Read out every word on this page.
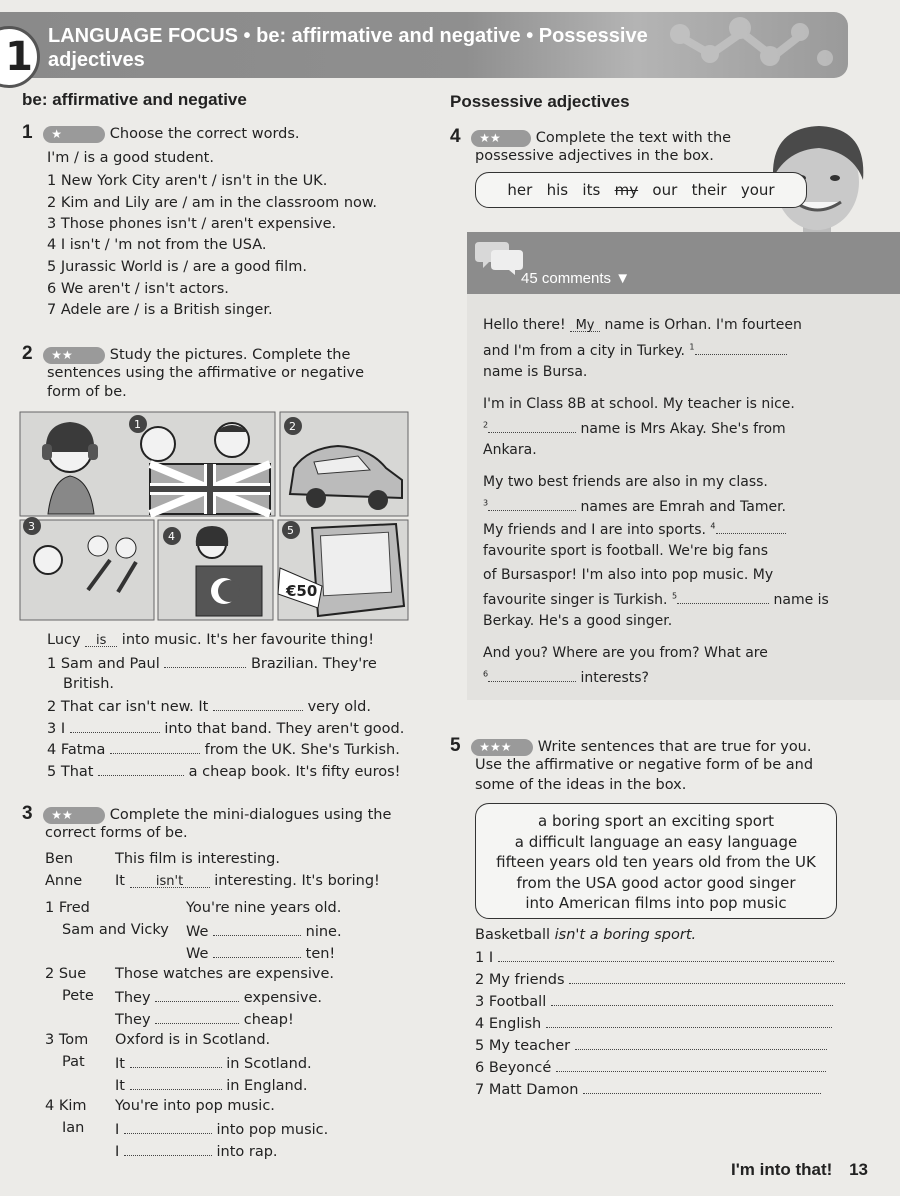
1 LANGUAGE FOCUS • be: affirmative and negative • Possessive adjectives
be: affirmative and negative
1 ★	Choose the correct words.
I'm / is a good student.
1 New York City aren't / isn't in the UK.
2 Kim and Lily are / am in the classroom now.
3 Those phones isn't / aren't expensive.
4 I isn't / 'm not from the USA.
5 Jurassic World is / are a good film.
6 We aren't / isn't actors.
7 Adele are / is a British singer.
2 ★★	Study the pictures. Complete the
sentences using the affirmative or negative
form of be.
1	2
3
4
€50
5
Lucy is into music. It's her favourite thing!
1 Sam and Paul	Brazilian. They're
British.
2 That car isn't new. It	very old.
3 I	into that band. They aren't good.
4 Fatma	from the UK. She's Turkish.
5 That	a cheap book. It's fifty euros!
3 ★★	Complete the mini-dialogues using the
correct forms of be.
Ben	This film is interesting.
Anne It isn't interesting. It's boring!
1 Fred	You're nine years old.
Sam and Vicky We	nine.
We	ten!
2 Sue Those watches are expensive.
Pete They	expensive.
They	cheap!
3 Tom Oxford is in Scotland.
Pat It	in Scotland.
It	in England.
4 Kim You're into pop music.
Ian I	into pop music.
I	into rap.
Possessive adjectives
4 ★★ Complete the text with the
possessive adjectives in the box.
her his its my our their your
45 comments ▼
Hello there! My name is Orhan. I'm fourteen
and I'm from a city in Turkey. $^1$
name is Bursa.
I'm in Class 8B at school. My teacher is nice.
$^2$	name is Mrs Akay. She's from
Ankara.
My two best friends are also in my class.
$^3$	names are Emrah and Tamer.
My friends and I are into sports. $^4$
favourite sport is football. We're big fans
of Bursaspor! I'm also into pop music. My
favourite singer is Turkish. $^5$	name is
Berkay. He's a good singer.
And you? Where are you from? What are
$^6$	interests?
5 ★★★ Write sentences that are true for you.
Use the affirmative or negative form of be and
some of the ideas in the box.
a boring sport an exciting sport
a difficult language an easy language
fifteen years old ten years old from the UK
from the USA good actor good singer
into American films into pop music
Basketball isn't a boring sport.
1 I
2 My friends
3 Football
4 English
5 My teacher
6 Beyoncé
7 Matt Damon
I'm into that! 13
